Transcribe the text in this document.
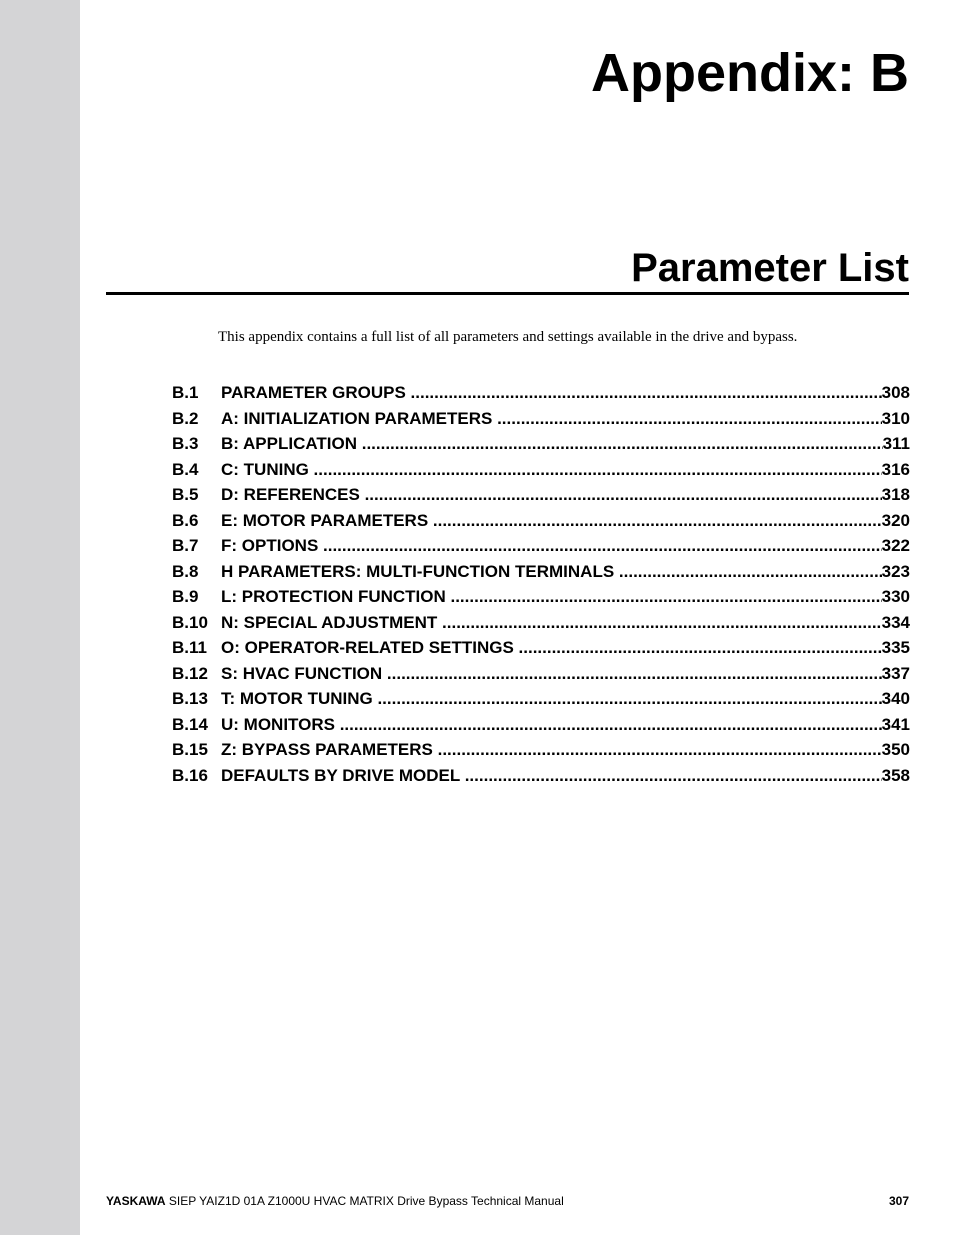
Appendix: B
Parameter List

This appendix contains a full list of all parameters and settings available in the drive and bypass.

B.1	PARAMETER GROUPS .....	308
B.2	A: INITIALIZATION PARAMETERS .....	310
B.3	B: APPLICATION .....	311
B.4	C: TUNING .....	316
B.5	D: REFERENCES .....	318
B.6	E: MOTOR PARAMETERS .....	320
B.7	F: OPTIONS .....	322
B.8	H PARAMETERS: MULTI-FUNCTION TERMINALS .....	323
B.9	L: PROTECTION FUNCTION .....	330
B.10 N: SPECIAL ADJUSTMENT .....	334
B.11 O: OPERATOR-RELATED SETTINGS .....	335
B.12 S: HVAC FUNCTION .....	337
B.13 T: MOTOR TUNING .....	340
B.14 U: MONITORS .....	341
B.15 Z: BYPASS PARAMETERS .....	350
B.16 DEFAULTS BY DRIVE MODEL .....	358
YASKAWA SIEP YAIZ1D 01A Z1000U HVAC MATRIX Drive Bypass Technical Manual	307
